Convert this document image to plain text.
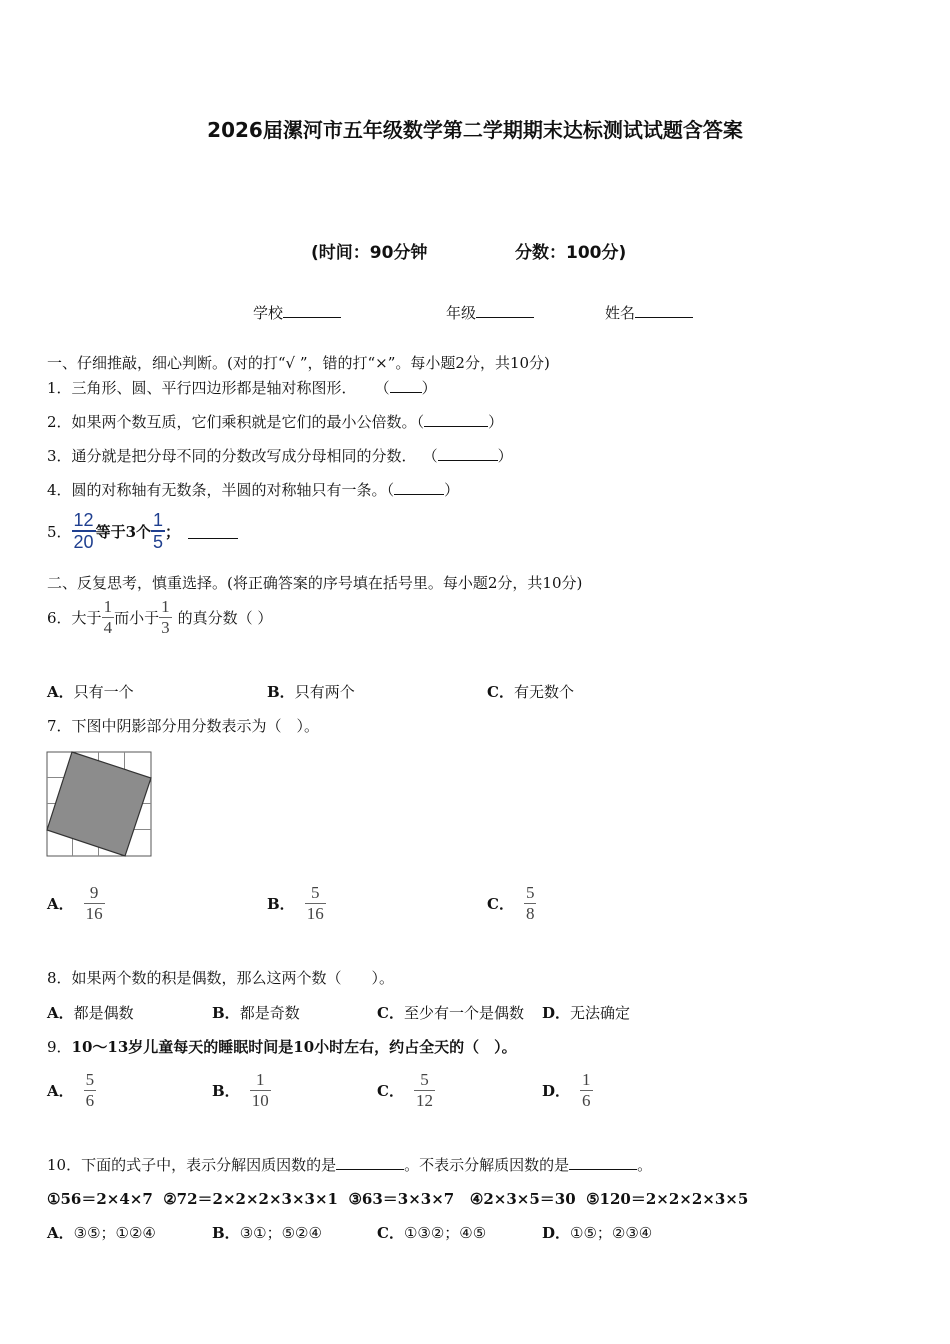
2026届漯河市五年级数学第二学期期末达标测试试题含答案
(时间：90分钟	分数：100分)
学校	年级	姓名
一、仔细推敲，细心判断。(对的打“√ ”，错的打“×”。每小题2分，共10分)
1．三角形、圆、平行四边形都是轴对称图形． （ ）
2．如果两个数互质，它们乘积就是它们的最小公倍数。（	）
3．通分就是把分母不同的分数改写成分母相同的分数． （	）
4．圆的对称轴有无数条，半圆的对称轴只有一条。（	）
5． $\frac{12}{20}$ 等于3个 $\frac{1}{5}$ ；
二、反复思考，慎重选择。(将正确答案的序号填在括号里。每小题2分，共10分)
6． 大于 $\frac{1}{4}$ 而小于 $\frac{1}{3}$ 的真分数（ ）
A．只有一个	B．只有两个	C．有无数个
7．下图中阴影部分用分数表示为（　）。
A． $\frac{9}{16}$	B． $\frac{5}{16}$	C． $\frac{5}{8}$
8．如果两个数的积是偶数，那么这两个数（　　）。
A．都是偶数	B．都是奇数	C．至少有一个是偶数 D．无法确定
9．10～13岁儿童每天的睡眠时间是10小时左右，约占全天的（　）。
A． $\frac{5}{6}$	B． $\frac{1}{10}$	C． $\frac{5}{12}$	D． $\frac{1}{6}$
10．下面的式子中，表示分解因质因数的是	。不表示分解质因数的是	。
①56＝2×4×7  ②72＝2×2×2×3×3×1  ③63＝3×3×7   ④2×3×5＝30  ⑤120＝2×2×2×3×5
A．③⑤；①②④	B．③①；⑤②④	C．①③②；④⑤	D．①⑤；②③④
